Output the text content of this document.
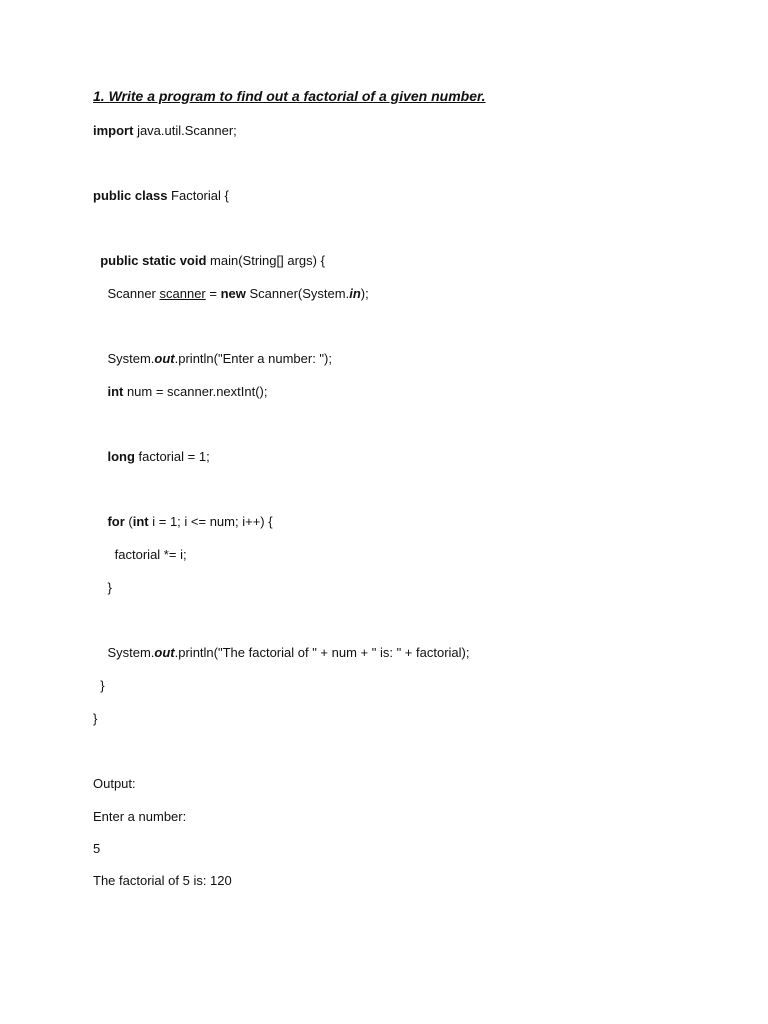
1. Write a program to find out a factorial of a given number.
import java.util.Scanner;
public class Factorial {
public static void main(String[] args) {
Scanner scanner = new Scanner(System.in);
System.out.println("Enter a number: ");
int num = scanner.nextInt();
long factorial = 1;
for (int i = 1; i <= num; i++) {
factorial *= i;
}
System.out.println("The factorial of " + num + " is: " + factorial);
}
}
Output:
Enter a number:
5
The factorial of 5 is: 120
